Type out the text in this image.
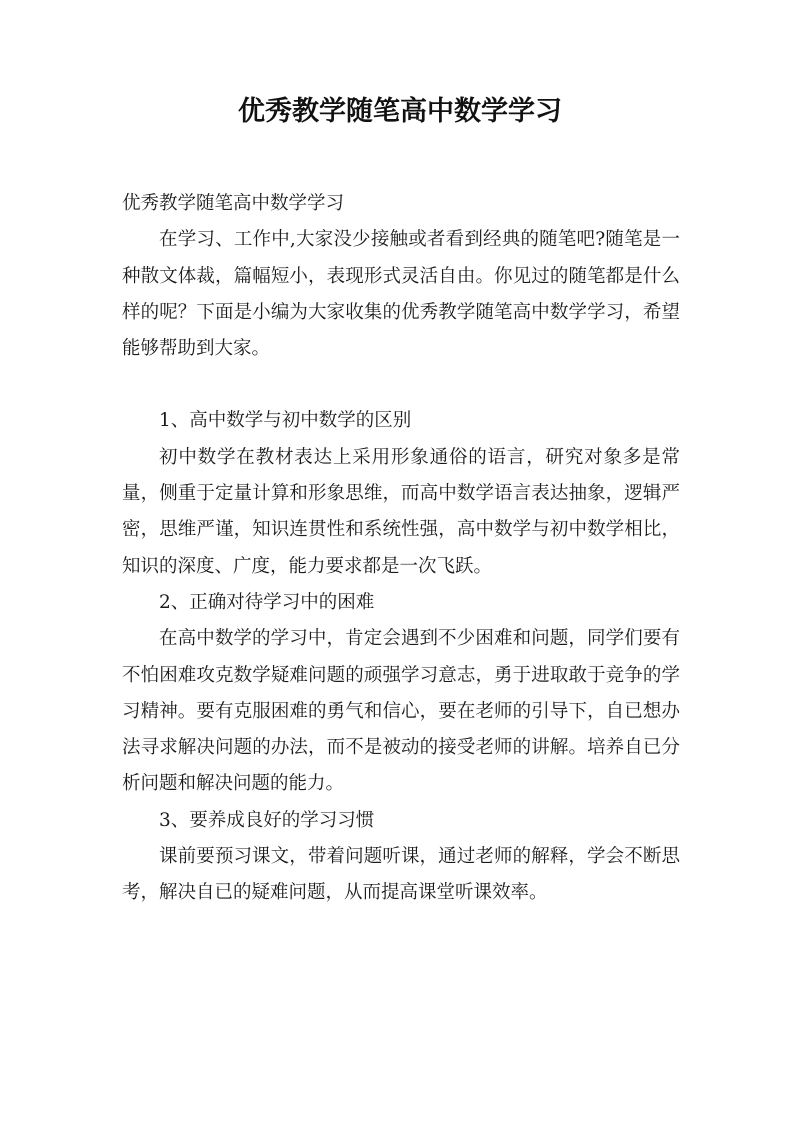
优秀教学随笔高中数学学习

优秀教学随笔高中数学学习

在学习、工作中,大家没少接触或者看到经典的随笔吧?随笔是一种散文体裁，篇幅短小，表现形式灵活自由。你见过的随笔都是什么样的呢？下面是小编为大家收集的优秀教学随笔高中数学学习，希望能够帮助到大家。

1、高中数学与初中数学的区别

初中数学在教材表达上采用形象通俗的语言，研究对象多是常量，侧重于定量计算和形象思维，而高中数学语言表达抽象，逻辑严密，思维严谨，知识连贯性和系统性强，高中数学与初中数学相比，知识的深度、广度，能力要求都是一次飞跃。

2、正确对待学习中的困难

在高中数学的学习中，肯定会遇到不少困难和问题，同学们要有不怕困难攻克数学疑难问题的顽强学习意志，勇于进取敢于竞争的学习精神。要有克服困难的勇气和信心，要在老师的引导下，自已想办法寻求解决问题的办法，而不是被动的接受老师的讲解。培养自已分析问题和解决问题的能力。

3、要养成良好的学习习惯

课前要预习课文，带着问题听课，通过老师的解释，学会不断思考，解决自已的疑难问题，从而提高课堂听课效率。
